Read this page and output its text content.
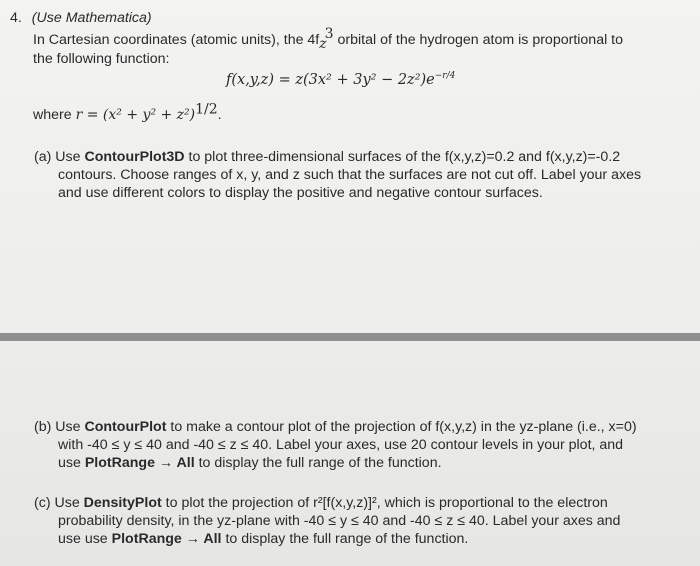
4. (Use Mathematica)
In Cartesian coordinates (atomic units), the $4f_z^3$ orbital of the hydrogen atom is proportional to
the following function:
$f(x,y,z) = z(3x^2 + 3y^2 - 2z^2)e^{-r/4}$
where $r = (x^2 + y^2 + z^2)^{1/2}$.
(a) Use ContourPlot3D to plot three-dimensional surfaces of the f(x,y,z)=0.2 and f(x,y,z)=-0.2
contours. Choose ranges of x, y, and z such that the surfaces are not cut off. Label your axes
and use different colors to display the positive and negative contour surfaces.
(b) Use ContourPlot to make a contour plot of the projection of f(x,y,z) in the yz-plane (i.e., x=0)
with -40 ≤ y ≤ 40 and -40 ≤ z ≤ 40. Label your axes, use 20 contour levels in your plot, and
use PlotRange → All to display the full range of the function.
(c) Use DensityPlot to plot the projection of r²[f(x,y,z)]², which is proportional to the electron
probability density, in the yz-plane with -40 ≤ y ≤ 40 and -40 ≤ z ≤ 40. Label your axes and
use use PlotRange → All to display the full range of the function.
